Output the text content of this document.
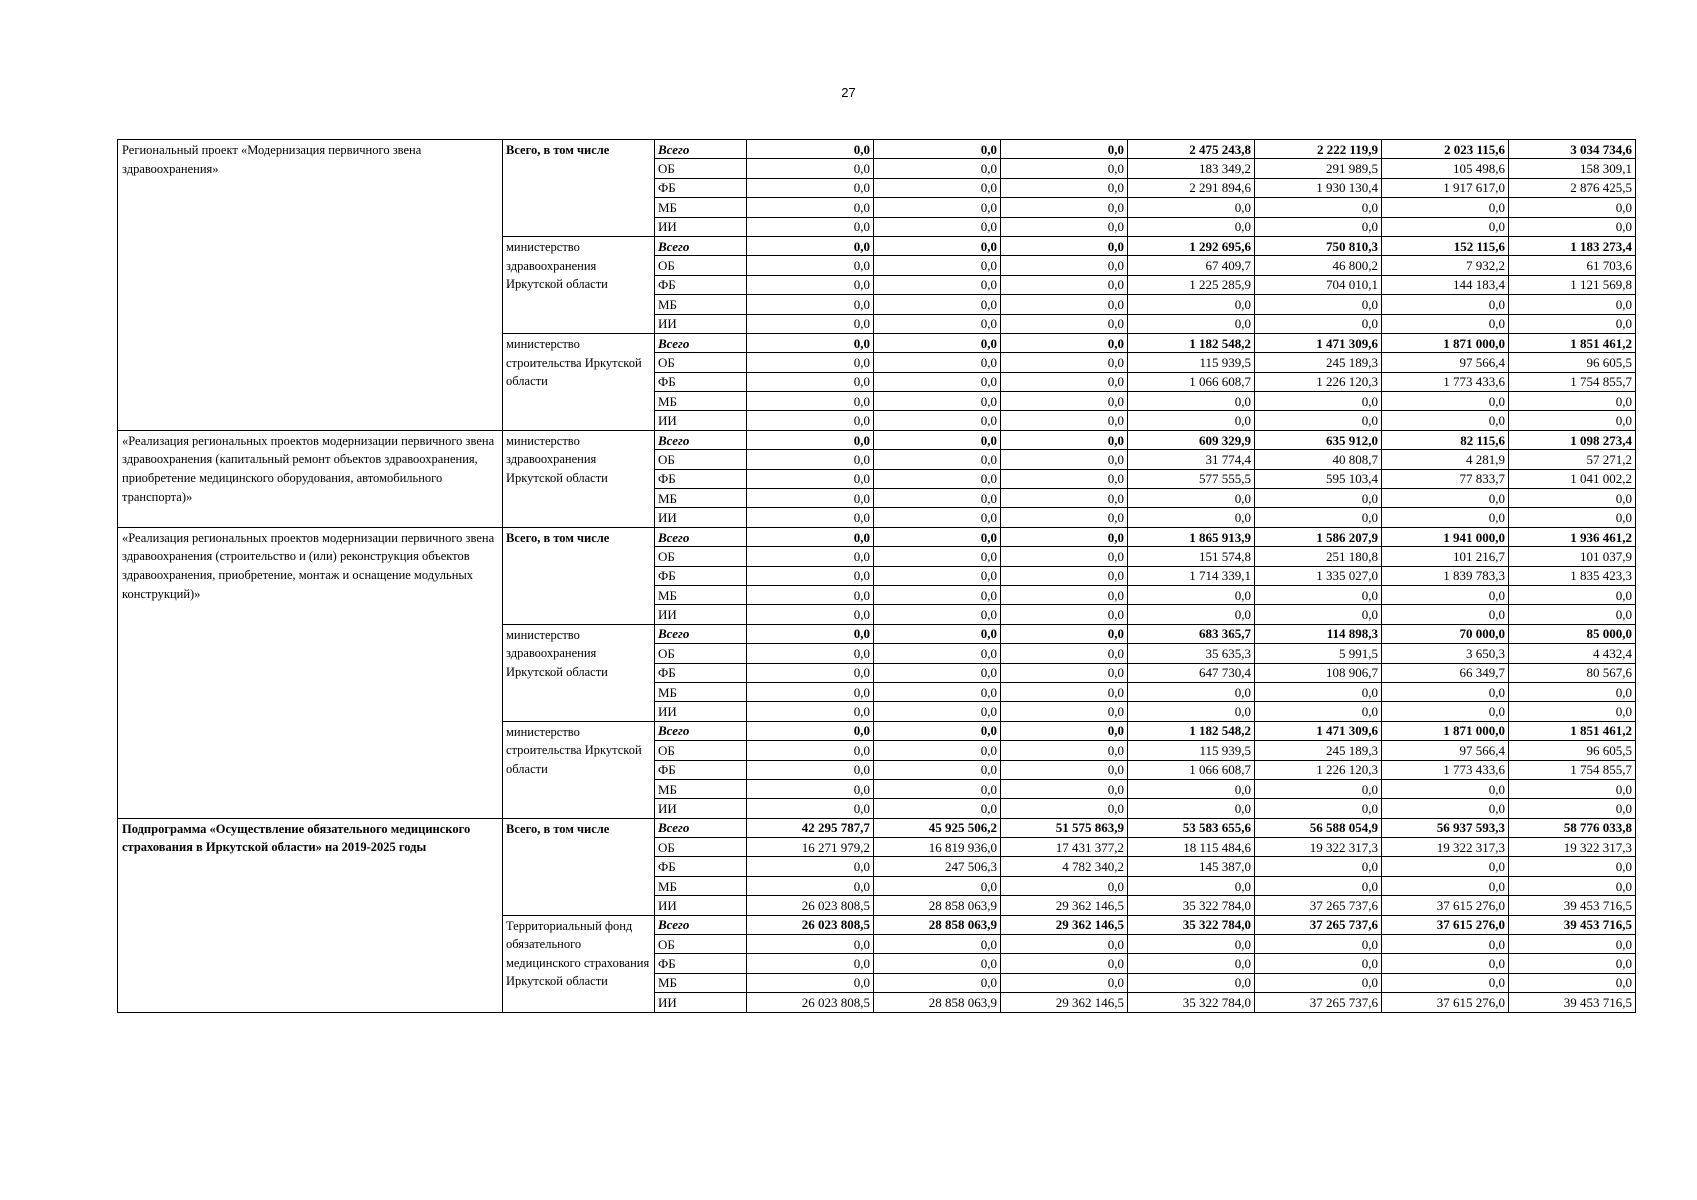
27
Региональный проект «Модернизация первичного звена здравоохранения»	Всего, в том числе	Всего	0,0	0,0	0,0	2 475 243,8	2 222 119,9	2 023 115,6	3 034 734,6
		ОБ	0,0	0,0	0,0	183 349,2	291 989,5	105 498,6	158 309,1
		ФБ	0,0	0,0	0,0	2 291 894,6	1 930 130,4	1 917 617,0	2 876 425,5
		МБ	0,0	0,0	0,0	0,0	0,0	0,0	0,0
		ИИ	0,0	0,0	0,0	0,0	0,0	0,0	0,0
	министерство здравоохранения Иркутской области	Всего	0,0	0,0	0,0	1 292 695,6	750 810,3	152 115,6	1 183 273,4
		ОБ	0,0	0,0	0,0	67 409,7	46 800,2	7 932,2	61 703,6
		ФБ	0,0	0,0	0,0	1 225 285,9	704 010,1	144 183,4	1 121 569,8
		МБ	0,0	0,0	0,0	0,0	0,0	0,0	0,0
		ИИ	0,0	0,0	0,0	0,0	0,0	0,0	0,0
	министерство строительства Иркутской области	Всего	0,0	0,0	0,0	1 182 548,2	1 471 309,6	1 871 000,0	1 851 461,2
		ОБ	0,0	0,0	0,0	115 939,5	245 189,3	97 566,4	96 605,5
		ФБ	0,0	0,0	0,0	1 066 608,7	1 226 120,3	1 773 433,6	1 754 855,7
		МБ	0,0	0,0	0,0	0,0	0,0	0,0	0,0
		ИИ	0,0	0,0	0,0	0,0	0,0	0,0	0,0
«Реализация региональных проектов модернизации первичного звена здравоохранения (капитальный ремонт объектов здравоохранения, приобретение медицинского оборудования, автомобильного транспорта)»	министерство здравоохранения Иркутской области	Всего	0,0	0,0	0,0	609 329,9	635 912,0	82 115,6	1 098 273,4
		ОБ	0,0	0,0	0,0	31 774,4	40 808,7	4 281,9	57 271,2
		ФБ	0,0	0,0	0,0	577 555,5	595 103,4	77 833,7	1 041 002,2
		МБ	0,0	0,0	0,0	0,0	0,0	0,0	0,0
		ИИ	0,0	0,0	0,0	0,0	0,0	0,0	0,0
«Реализация региональных проектов модернизации первичного звена здравоохранения (строительство и (или) реконструкция объектов здравоохранения, приобретение, монтаж и оснащение модульных конструкций)»	Всего, в том числе	Всего	0,0	0,0	0,0	1 865 913,9	1 586 207,9	1 941 000,0	1 936 461,2
		ОБ	0,0	0,0	0,0	151 574,8	251 180,8	101 216,7	101 037,9
		ФБ	0,0	0,0	0,0	1 714 339,1	1 335 027,0	1 839 783,3	1 835 423,3
		МБ	0,0	0,0	0,0	0,0	0,0	0,0	0,0
		ИИ	0,0	0,0	0,0	0,0	0,0	0,0	0,0
	министерство здравоохранения Иркутской области	Всего	0,0	0,0	0,0	683 365,7	114 898,3	70 000,0	85 000,0
		ОБ	0,0	0,0	0,0	35 635,3	5 991,5	3 650,3	4 432,4
		ФБ	0,0	0,0	0,0	647 730,4	108 906,7	66 349,7	80 567,6
		МБ	0,0	0,0	0,0	0,0	0,0	0,0	0,0
		ИИ	0,0	0,0	0,0	0,0	0,0	0,0	0,0
	министерство строительства Иркутской области	Всего	0,0	0,0	0,0	1 182 548,2	1 471 309,6	1 871 000,0	1 851 461,2
		ОБ	0,0	0,0	0,0	115 939,5	245 189,3	97 566,4	96 605,5
		ФБ	0,0	0,0	0,0	1 066 608,7	1 226 120,3	1 773 433,6	1 754 855,7
		МБ	0,0	0,0	0,0	0,0	0,0	0,0	0,0
		ИИ	0,0	0,0	0,0	0,0	0,0	0,0	0,0
Подпрограмма «Осуществление обязательного медицинского страхования в Иркутской области» на 2019-2025 годы	Всего, в том числе	Всего	42 295 787,7	45 925 506,2	51 575 863,9	53 583 655,6	56 588 054,9	56 937 593,3	58 776 033,8
		ОБ	16 271 979,2	16 819 936,0	17 431 377,2	18 115 484,6	19 322 317,3	19 322 317,3	19 322 317,3
		ФБ	0,0	247 506,3	4 782 340,2	145 387,0	0,0	0,0	0,0
		МБ	0,0	0,0	0,0	0,0	0,0	0,0	0,0
		ИИ	26 023 808,5	28 858 063,9	29 362 146,5	35 322 784,0	37 265 737,6	37 615 276,0	39 453 716,5
	Территориальный фонд обязательного медицинского страхования Иркутской области	Всего	26 023 808,5	28 858 063,9	29 362 146,5	35 322 784,0	37 265 737,6	37 615 276,0	39 453 716,5
		ОБ	0,0	0,0	0,0	0,0	0,0	0,0	0,0
		ФБ	0,0	0,0	0,0	0,0	0,0	0,0	0,0
		МБ	0,0	0,0	0,0	0,0	0,0	0,0	0,0
		ИИ	26 023 808,5	28 858 063,9	29 362 146,5	35 322 784,0	37 265 737,6	37 615 276,0	39 453 716,5
